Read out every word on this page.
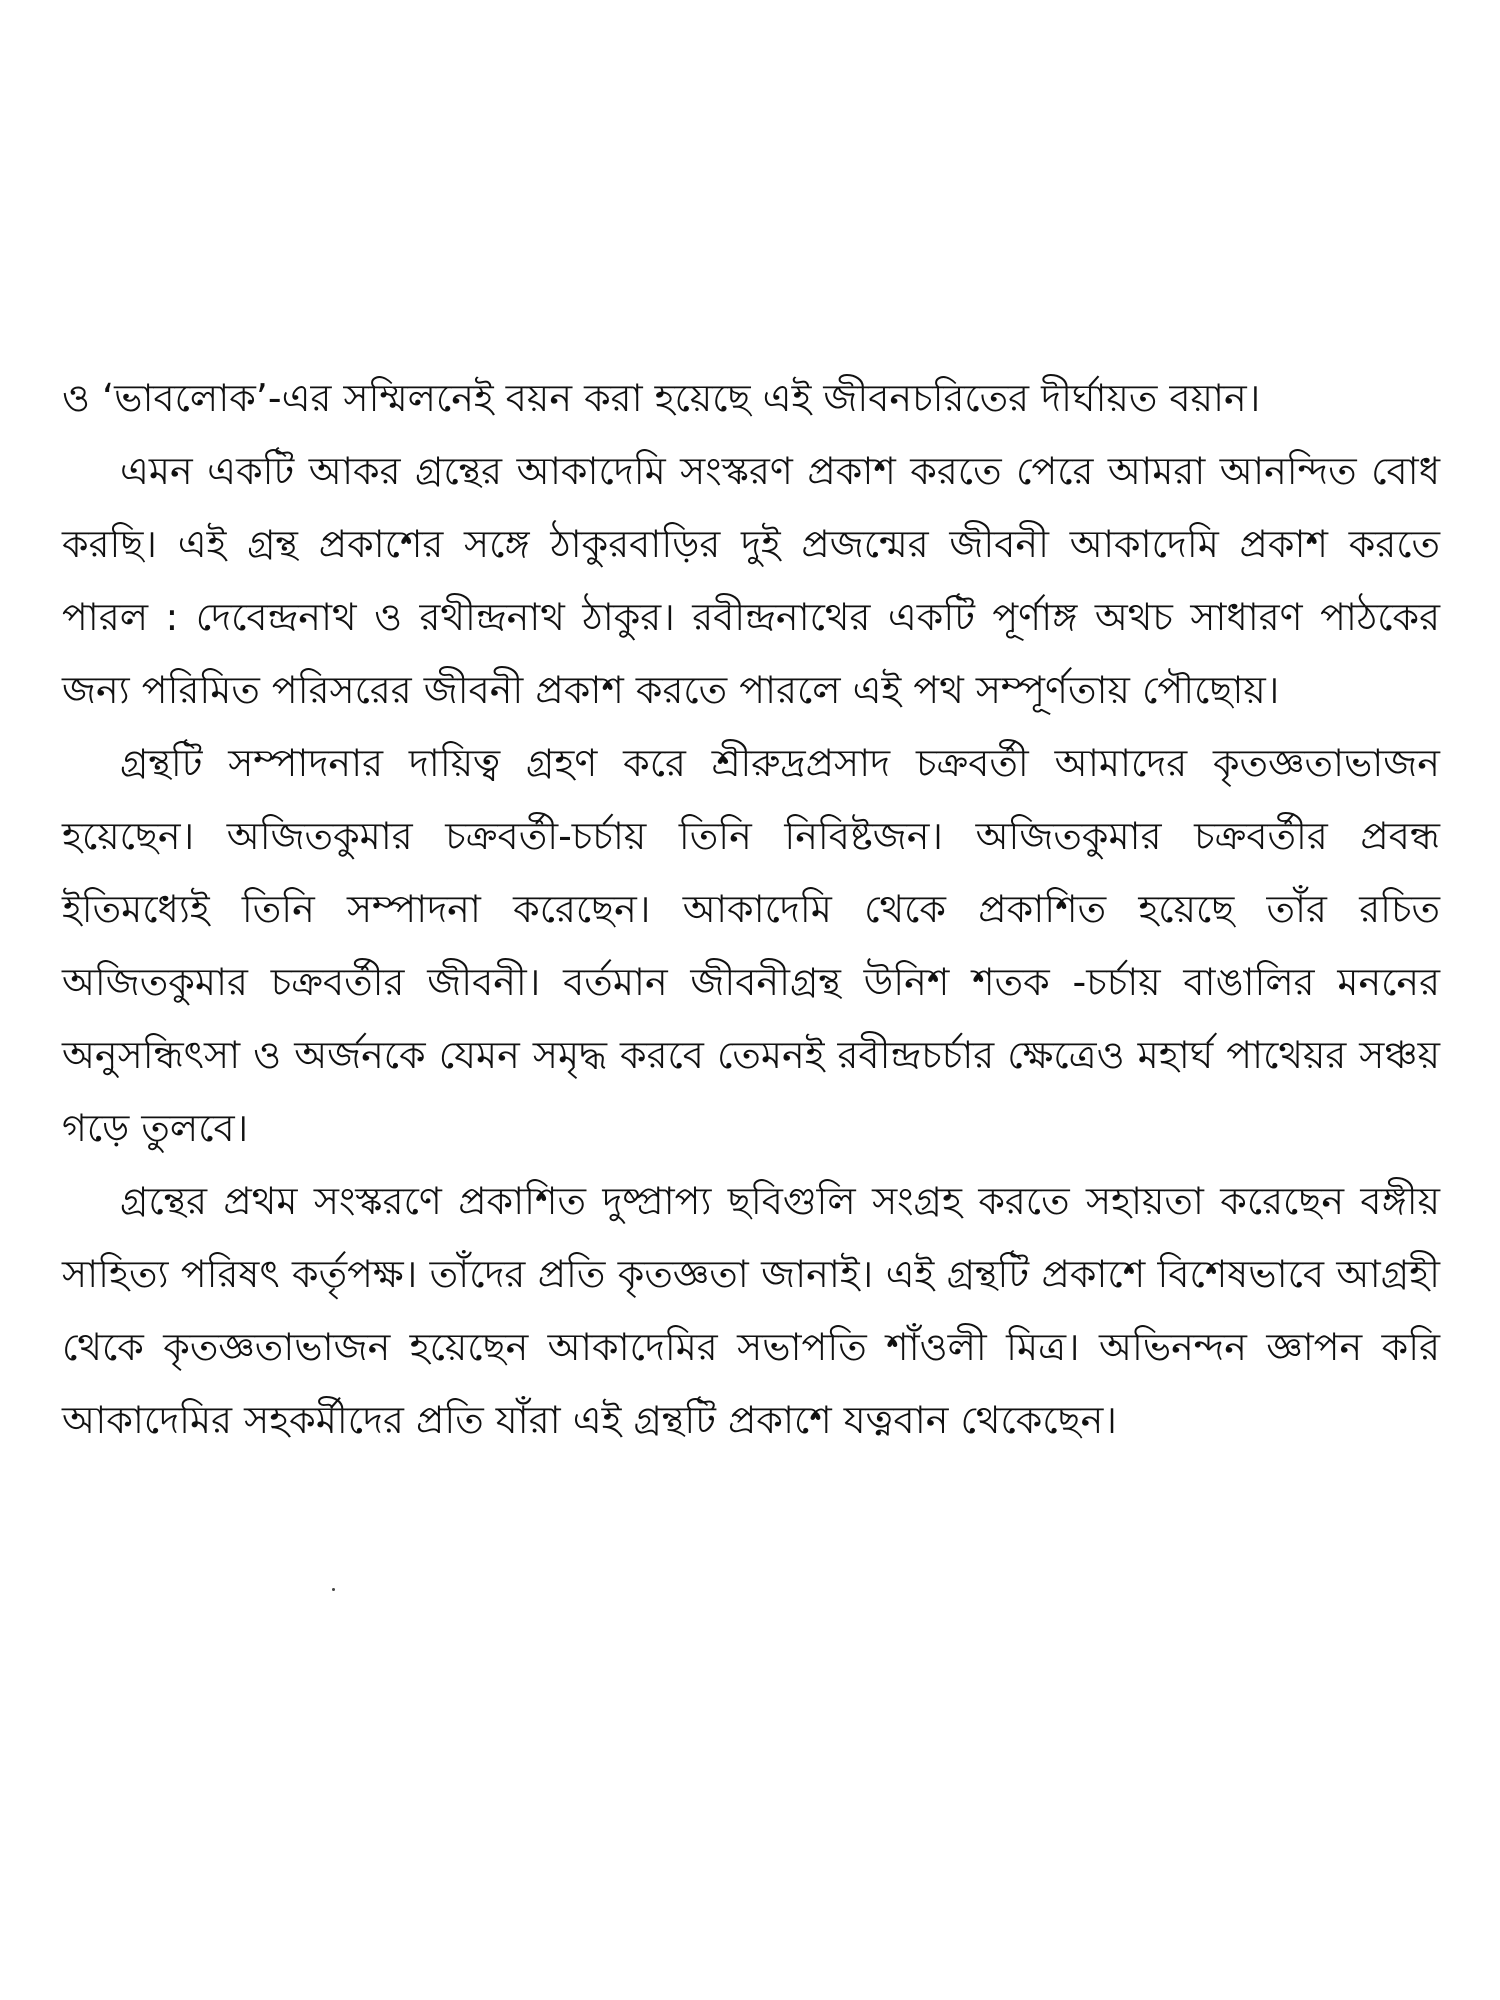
ও ‘ভাবলোক’-এর সম্মিলনেই বয়ন করা হয়েছে এই জীবনচরিতের দীর্ঘায়ত বয়ান।

এমন একটি আকর গ্রন্থের আকাদেমি সংস্করণ প্রকাশ করতে পেরে আমরা আনন্দিত বোধ করছি। এই গ্রন্থ প্রকাশের সঙ্গে ঠাকুরবাড়ির দুই প্রজন্মের জীবনী আকাদেমি প্রকাশ করতে পারল : দেবেন্দ্রনাথ ও রথীন্দ্রনাথ ঠাকুর। রবীন্দ্রনাথের একটি পূর্ণাঙ্গ অথচ সাধারণ পাঠকের জন্য পরিমিত পরিসরের জীবনী প্রকাশ করতে পারলে এই পথ সম্পূর্ণতায় পৌছোয়।

গ্রন্থটি সম্পাদনার দায়িত্ব গ্রহণ করে শ্রীরুদ্রপ্রসাদ চক্রবর্তী আমাদের কৃতজ্ঞতাভাজন হয়েছেন। অজিতকুমার চক্রবর্তী-চর্চায় তিনি নিবিষ্টজন। অজিতকুমার চক্রবর্তীর প্রবন্ধ ইতিমধ্যেই তিনি সম্পাদনা করেছেন। আকাদেমি থেকে প্রকাশিত হয়েছে তাঁর রচিত অজিতকুমার চক্রবর্তীর জীবনী। বর্তমান জীবনীগ্রন্থ উনিশ শতক -চর্চায় বাঙালির মননের অনুসন্ধিৎসা ও অর্জনকে যেমন সমৃদ্ধ করবে তেমনই রবীন্দ্রচর্চার ক্ষেত্রেও মহার্ঘ পাথেয়র সঞ্চয় গড়ে তুলবে।

গ্রন্থের প্রথম সংস্করণে প্রকাশিত দুষ্প্রাপ্য ছবিগুলি সংগ্রহ করতে সহায়তা করেছেন বঙ্গীয় সাহিত্য পরিষৎ কর্তৃপক্ষ। তাঁদের প্রতি কৃতজ্ঞতা জানাই। এই গ্রন্থটি প্রকাশে বিশেষভাবে আগ্রহী থেকে কৃতজ্ঞতাভাজন হয়েছেন আকাদেমির সভাপতি শাঁওলী মিত্র। অভিনন্দন জ্ঞাপন করি আকাদেমির সহকর্মীদের প্রতি যাঁরা এই গ্রন্থটি প্রকাশে যত্নবান থেকেছেন।
